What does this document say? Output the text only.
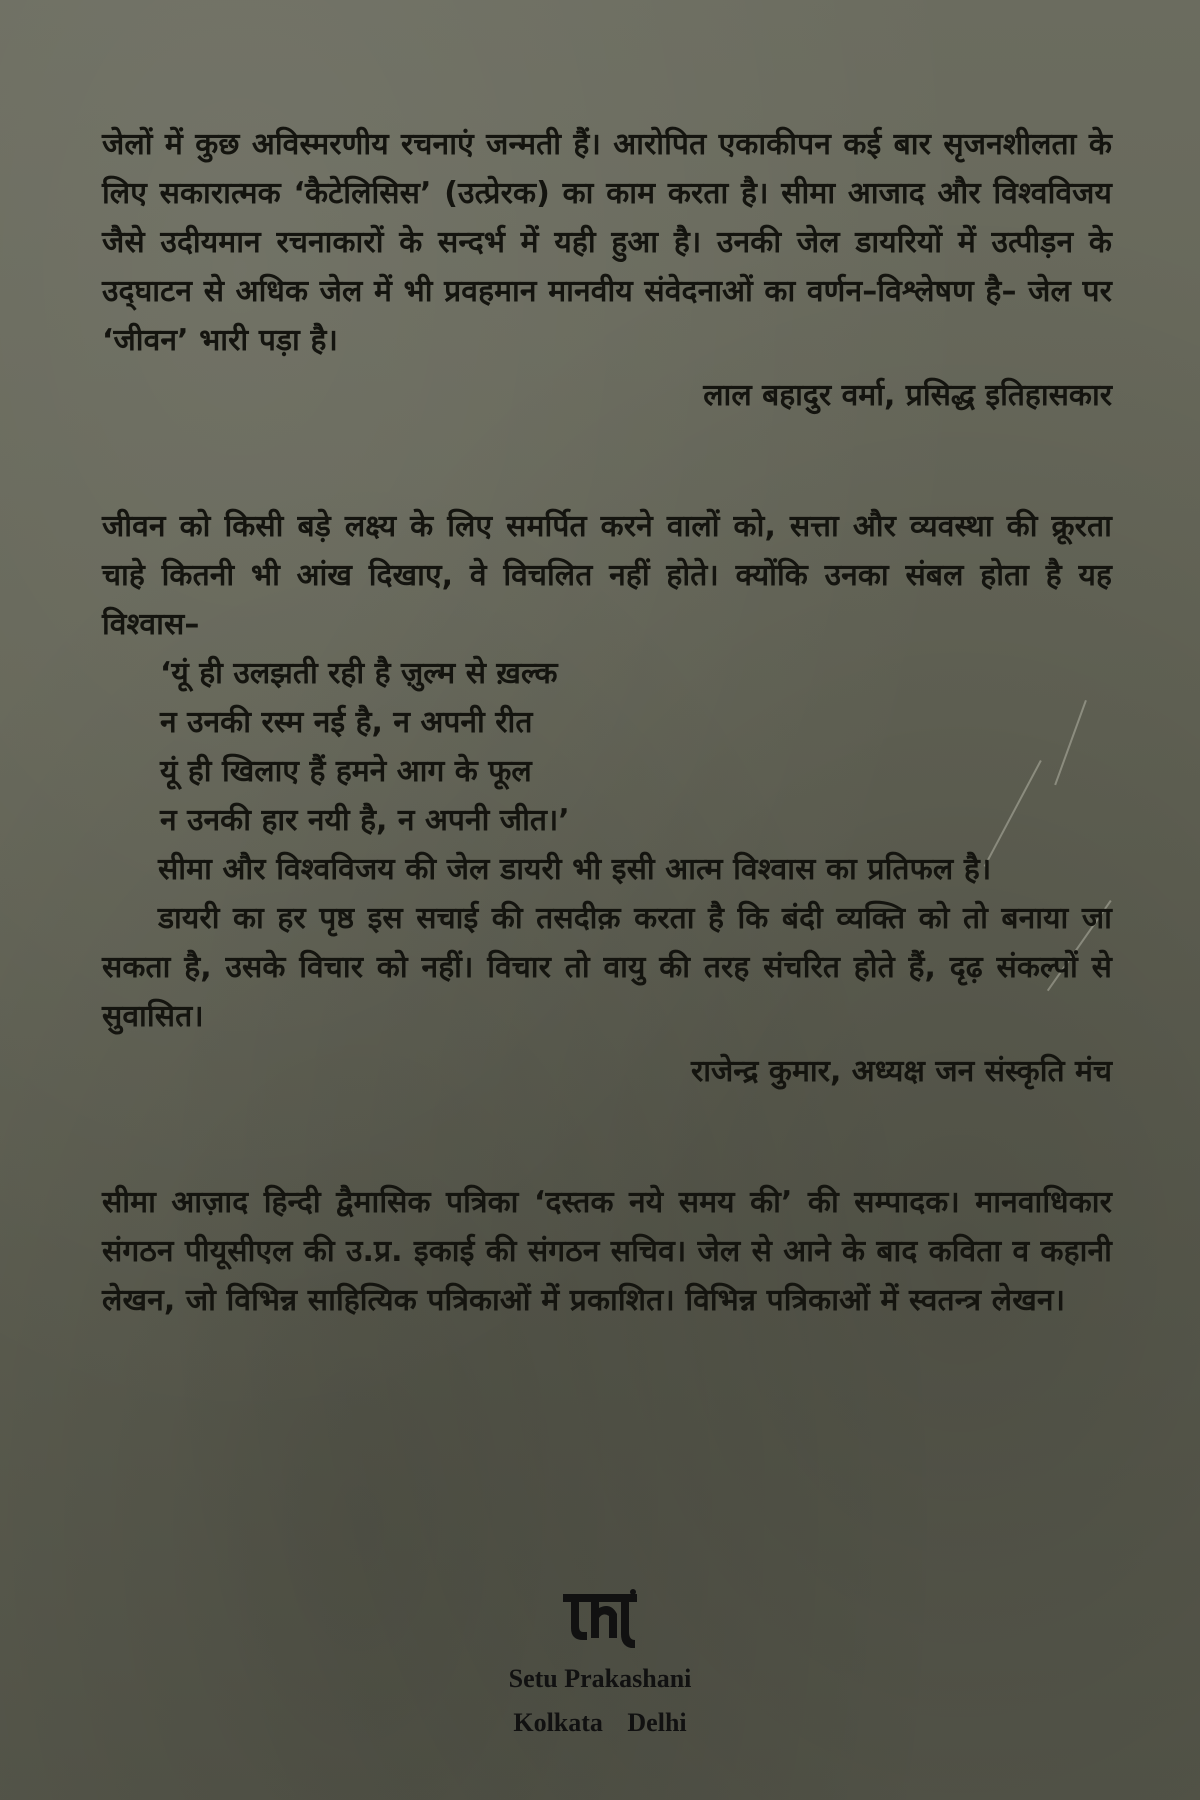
जेलों में कुछ अविस्मरणीय रचनाएं जन्मती हैं। आरोपित एकाकीपन कई बार सृजनशीलता के लिए सकारात्मक ‘कैटेलिसिस’ (उत्प्रेरक) का काम करता है। सीमा आजाद और विश्वविजय जैसे उदीयमान रचनाकारों के सन्दर्भ में यही हुआ है। उनकी जेल डायरियों में उत्पीड़न के उद्‌घाटन से अधिक जेल में भी प्रवहमान मानवीय संवेदनाओं का वर्णन–विश्लेषण है– जेल पर ‘जीवन’ भारी पड़ा है।

लाल बहादुर वर्मा, प्रसिद्ध इतिहासकार

जीवन को किसी बड़े लक्ष्य के लिए समर्पित करने वालों को, सत्ता और व्यवस्था की क्रूरता चाहे कितनी भी आंख दिखाए, वे विचलित नहीं होते। क्योंकि उनका संबल होता है यह विश्वास–

‘यूं ही उलझती रही है ज़ुल्म से ख़ल्क

न उनकी रस्म नई है, न अपनी रीत

यूं ही खिलाए हैं हमने आग के फूल

न उनकी हार नयी है, न अपनी जीत।’

सीमा और विश्वविजय की जेल डायरी भी इसी आत्म विश्वास का प्रतिफल है।

डायरी का हर पृष्ठ इस सचाई की तसदीक़ करता है कि बंदी व्यक्ति को तो बनाया जा सकता है, उसके विचार को नहीं। विचार तो वायु की तरह संचरित होते हैं, दृढ़ संकल्पों से सुवासित।

राजेन्द्र कुमार, अध्यक्ष जन संस्कृति मंच

सीमा आज़ाद हिन्दी द्वैमासिक पत्रिका ‘दस्तक नये समय की’ की सम्पादक। मानवाधिकार संगठन पीयूसीएल की उ.प्र. इकाई की संगठन सचिव। जेल से आने के बाद कविता व कहानी लेखन, जो विभिन्न साहित्यिक पत्रिकाओं में प्रकाशित। विभिन्न पत्रिकाओं में स्वतन्त्र लेखन।

Setu Prakashani

Kolkata Delhi
